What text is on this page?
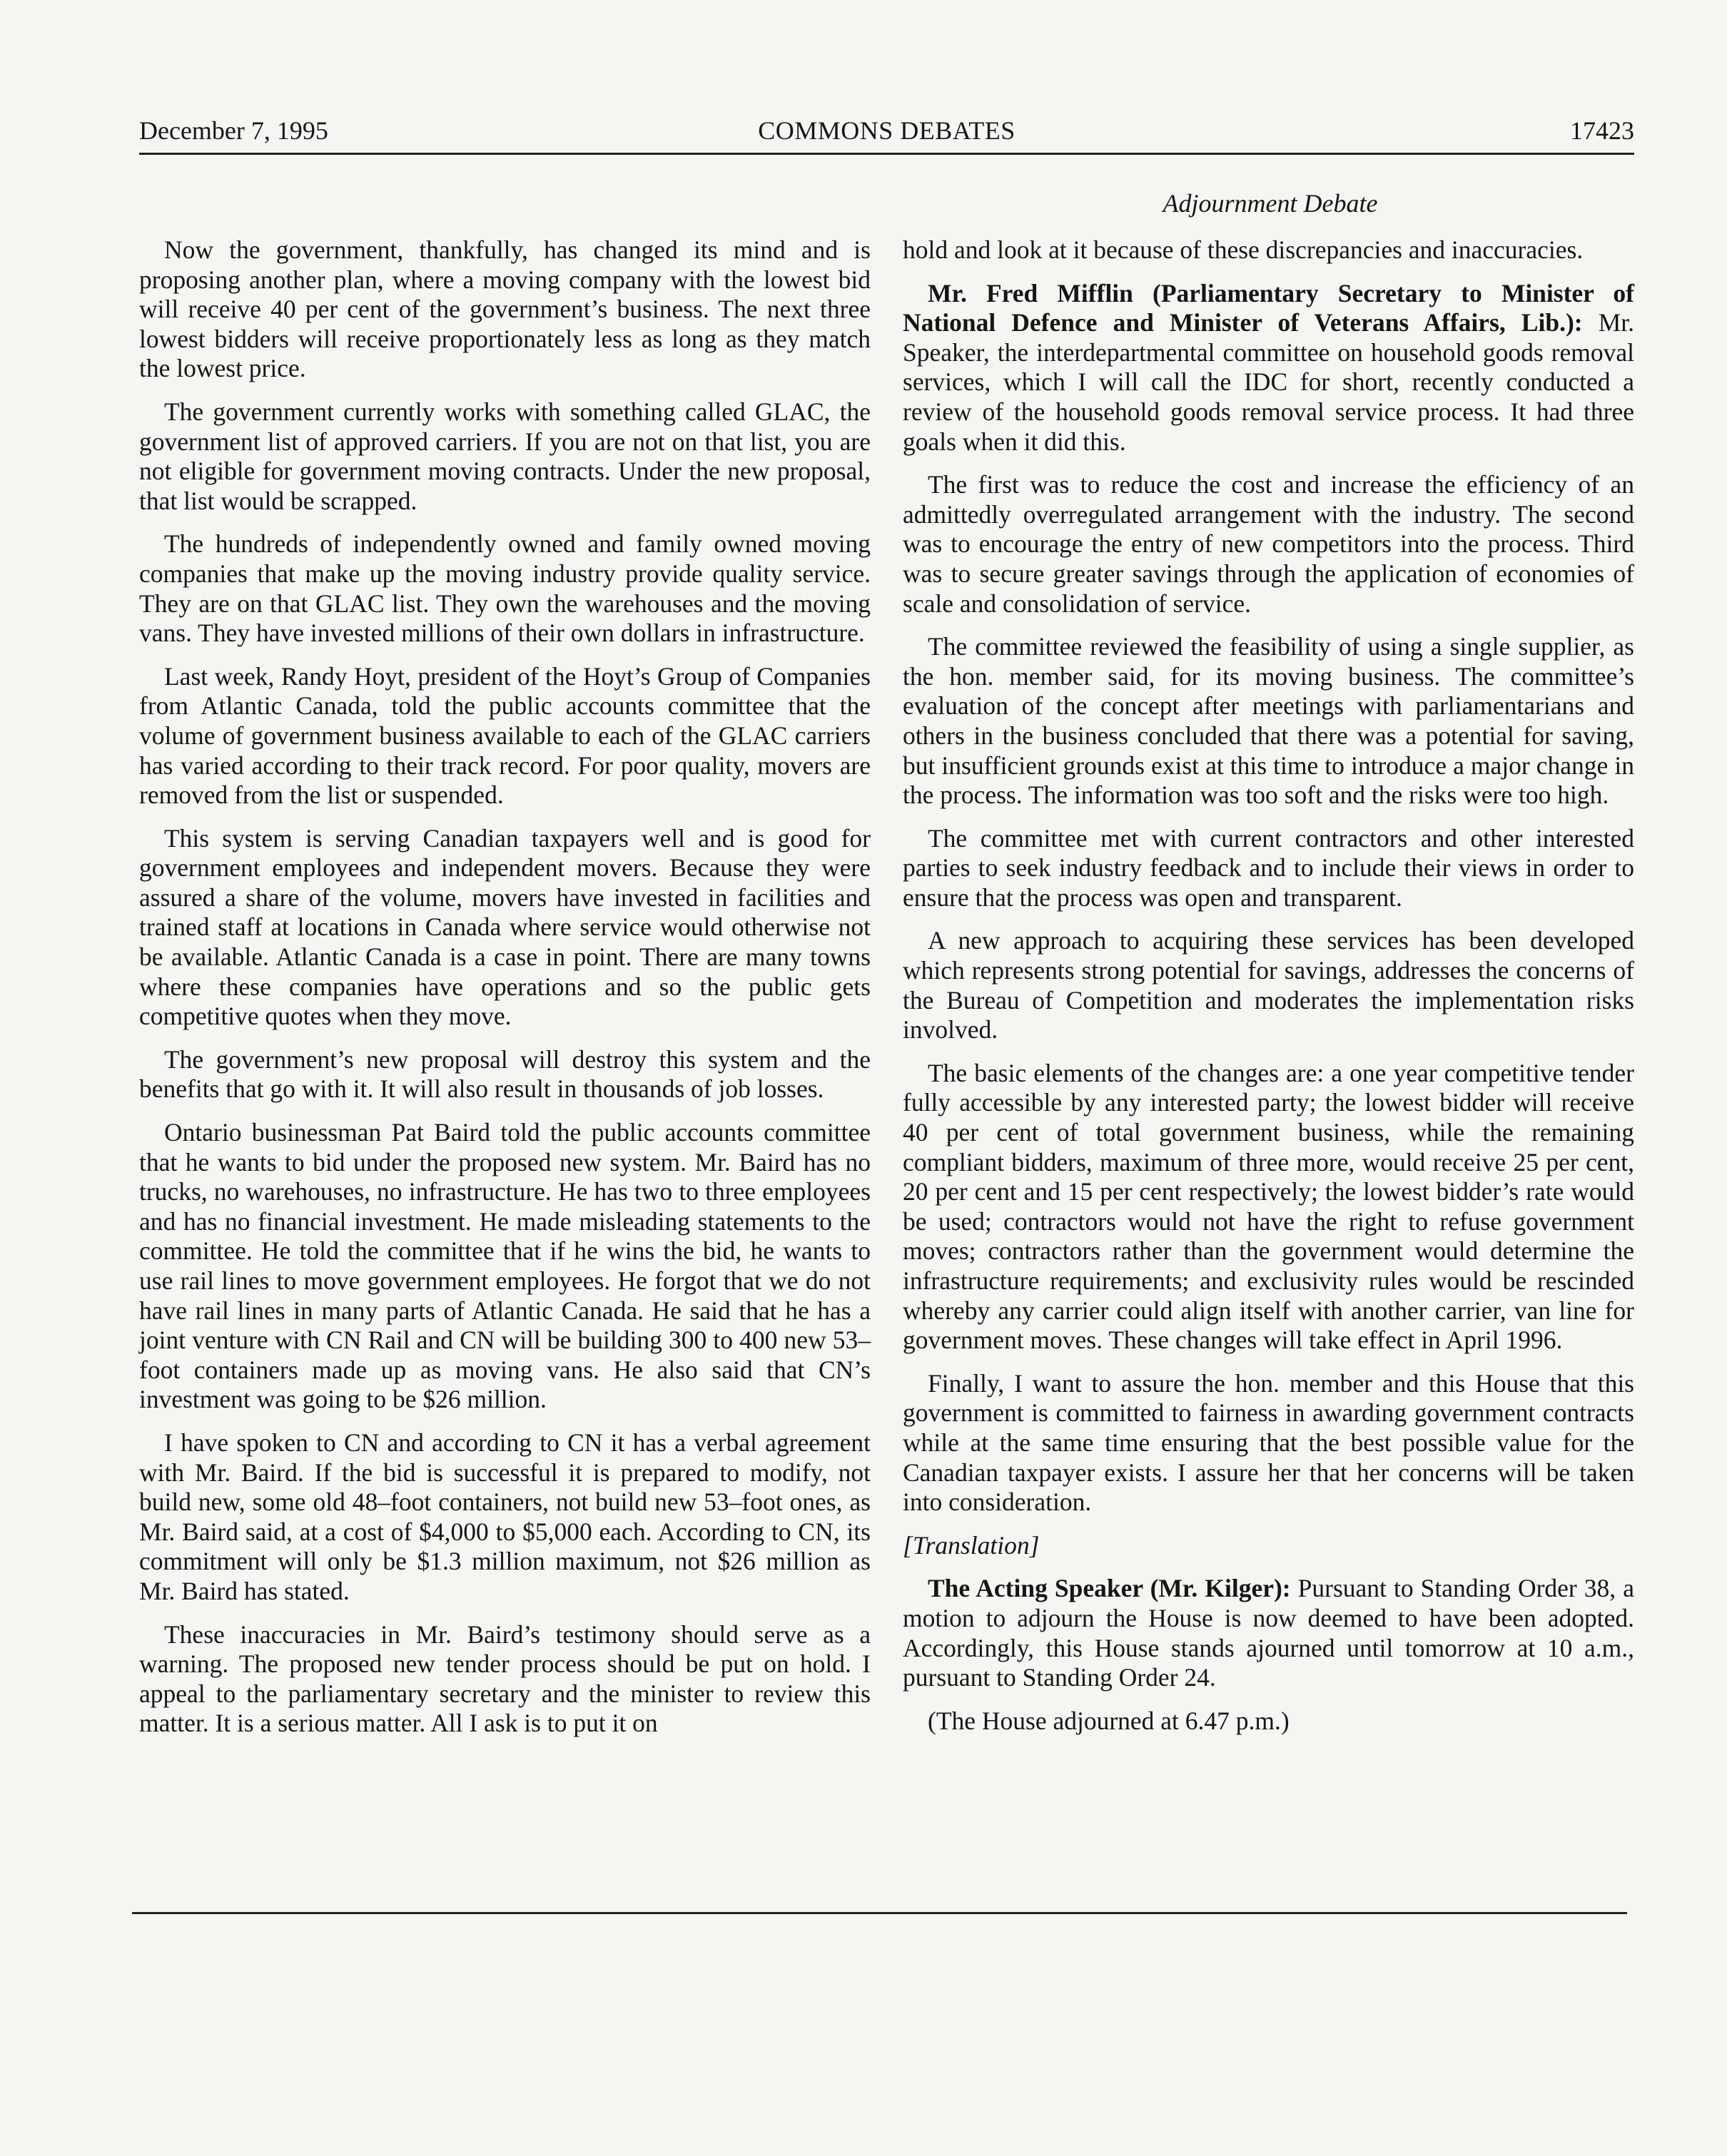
December 7, 1995	COMMONS DEBATES	17423
Adjournment Debate

Now the government, thankfully, has changed its mind and is proposing another plan, where a moving company with the lowest bid will receive 40 per cent of the government’s business. The next three lowest bidders will receive proportionately less as long as they match the lowest price.

The government currently works with something called GLAC, the government list of approved carriers. If you are not on that list, you are not eligible for government moving contracts. Under the new proposal, that list would be scrapped.

The hundreds of independently owned and family owned moving companies that make up the moving industry provide quality service. They are on that GLAC list. They own the warehouses and the moving vans. They have invested millions of their own dollars in infrastructure.

Last week, Randy Hoyt, president of the Hoyt’s Group of Companies from Atlantic Canada, told the public accounts committee that the volume of government business available to each of the GLAC carriers has varied according to their track record. For poor quality, movers are removed from the list or suspended.

This system is serving Canadian taxpayers well and is good for government employees and independent movers. Because they were assured a share of the volume, movers have invested in facilities and trained staff at locations in Canada where service would otherwise not be available. Atlantic Canada is a case in point. There are many towns where these companies have operations and so the public gets competitive quotes when they move.

The government’s new proposal will destroy this system and the benefits that go with it. It will also result in thousands of job losses.

Ontario businessman Pat Baird told the public accounts committee that he wants to bid under the proposed new system. Mr. Baird has no trucks, no warehouses, no infrastructure. He has two to three employees and has no financial investment. He made misleading statements to the committee. He told the committee that if he wins the bid, he wants to use rail lines to move government employees. He forgot that we do not have rail lines in many parts of Atlantic Canada. He said that he has a joint venture with CN Rail and CN will be building 300 to 400 new 53–foot containers made up as moving vans. He also said that CN’s investment was going to be $26 million.

I have spoken to CN and according to CN it has a verbal agreement with Mr. Baird. If the bid is successful it is prepared to modify, not build new, some old 48–foot containers, not build new 53–foot ones, as Mr. Baird said, at a cost of $4,000 to $5,000 each. According to CN, its commitment will only be $1.3 million maximum, not $26 million as Mr. Baird has stated.

These inaccuracies in Mr. Baird’s testimony should serve as a warning. The proposed new tender process should be put on hold. I appeal to the parliamentary secretary and the minister to review this matter. It is a serious matter. All I ask is to put it on

hold and look at it because of these discrepancies and inaccuracies.

Mr. Fred Mifflin (Parliamentary Secretary to Minister of National Defence and Minister of Veterans Affairs, Lib.): Mr. Speaker, the interdepartmental committee on household goods removal services, which I will call the IDC for short, recently conducted a review of the household goods removal service process. It had three goals when it did this.

The first was to reduce the cost and increase the efficiency of an admittedly overregulated arrangement with the industry. The second was to encourage the entry of new competitors into the process. Third was to secure greater savings through the application of economies of scale and consolidation of service.

The committee reviewed the feasibility of using a single supplier, as the hon. member said, for its moving business. The committee’s evaluation of the concept after meetings with parliamentarians and others in the business concluded that there was a potential for saving, but insufficient grounds exist at this time to introduce a major change in the process. The information was too soft and the risks were too high.

The committee met with current contractors and other interested parties to seek industry feedback and to include their views in order to ensure that the process was open and transparent.

A new approach to acquiring these services has been developed which represents strong potential for savings, addresses the concerns of the Bureau of Competition and moderates the implementation risks involved.

The basic elements of the changes are: a one year competitive tender fully accessible by any interested party; the lowest bidder will receive 40 per cent of total government business, while the remaining compliant bidders, maximum of three more, would receive 25 per cent, 20 per cent and 15 per cent respectively; the lowest bidder’s rate would be used; contractors would not have the right to refuse government moves; contractors rather than the government would determine the infrastructure requirements; and exclusivity rules would be rescinded whereby any carrier could align itself with another carrier, van line for government moves. These changes will take effect in April 1996.

Finally, I want to assure the hon. member and this House that this government is committed to fairness in awarding government contracts while at the same time ensuring that the best possible value for the Canadian taxpayer exists. I assure her that her concerns will be taken into consideration.

[Translation]

The Acting Speaker (Mr. Kilger): Pursuant to Standing Order 38, a motion to adjourn the House is now deemed to have been adopted. Accordingly, this House stands ajourned until tomorrow at 10 a.m., pursuant to Standing Order 24.

(The House adjourned at 6.47 p.m.)
